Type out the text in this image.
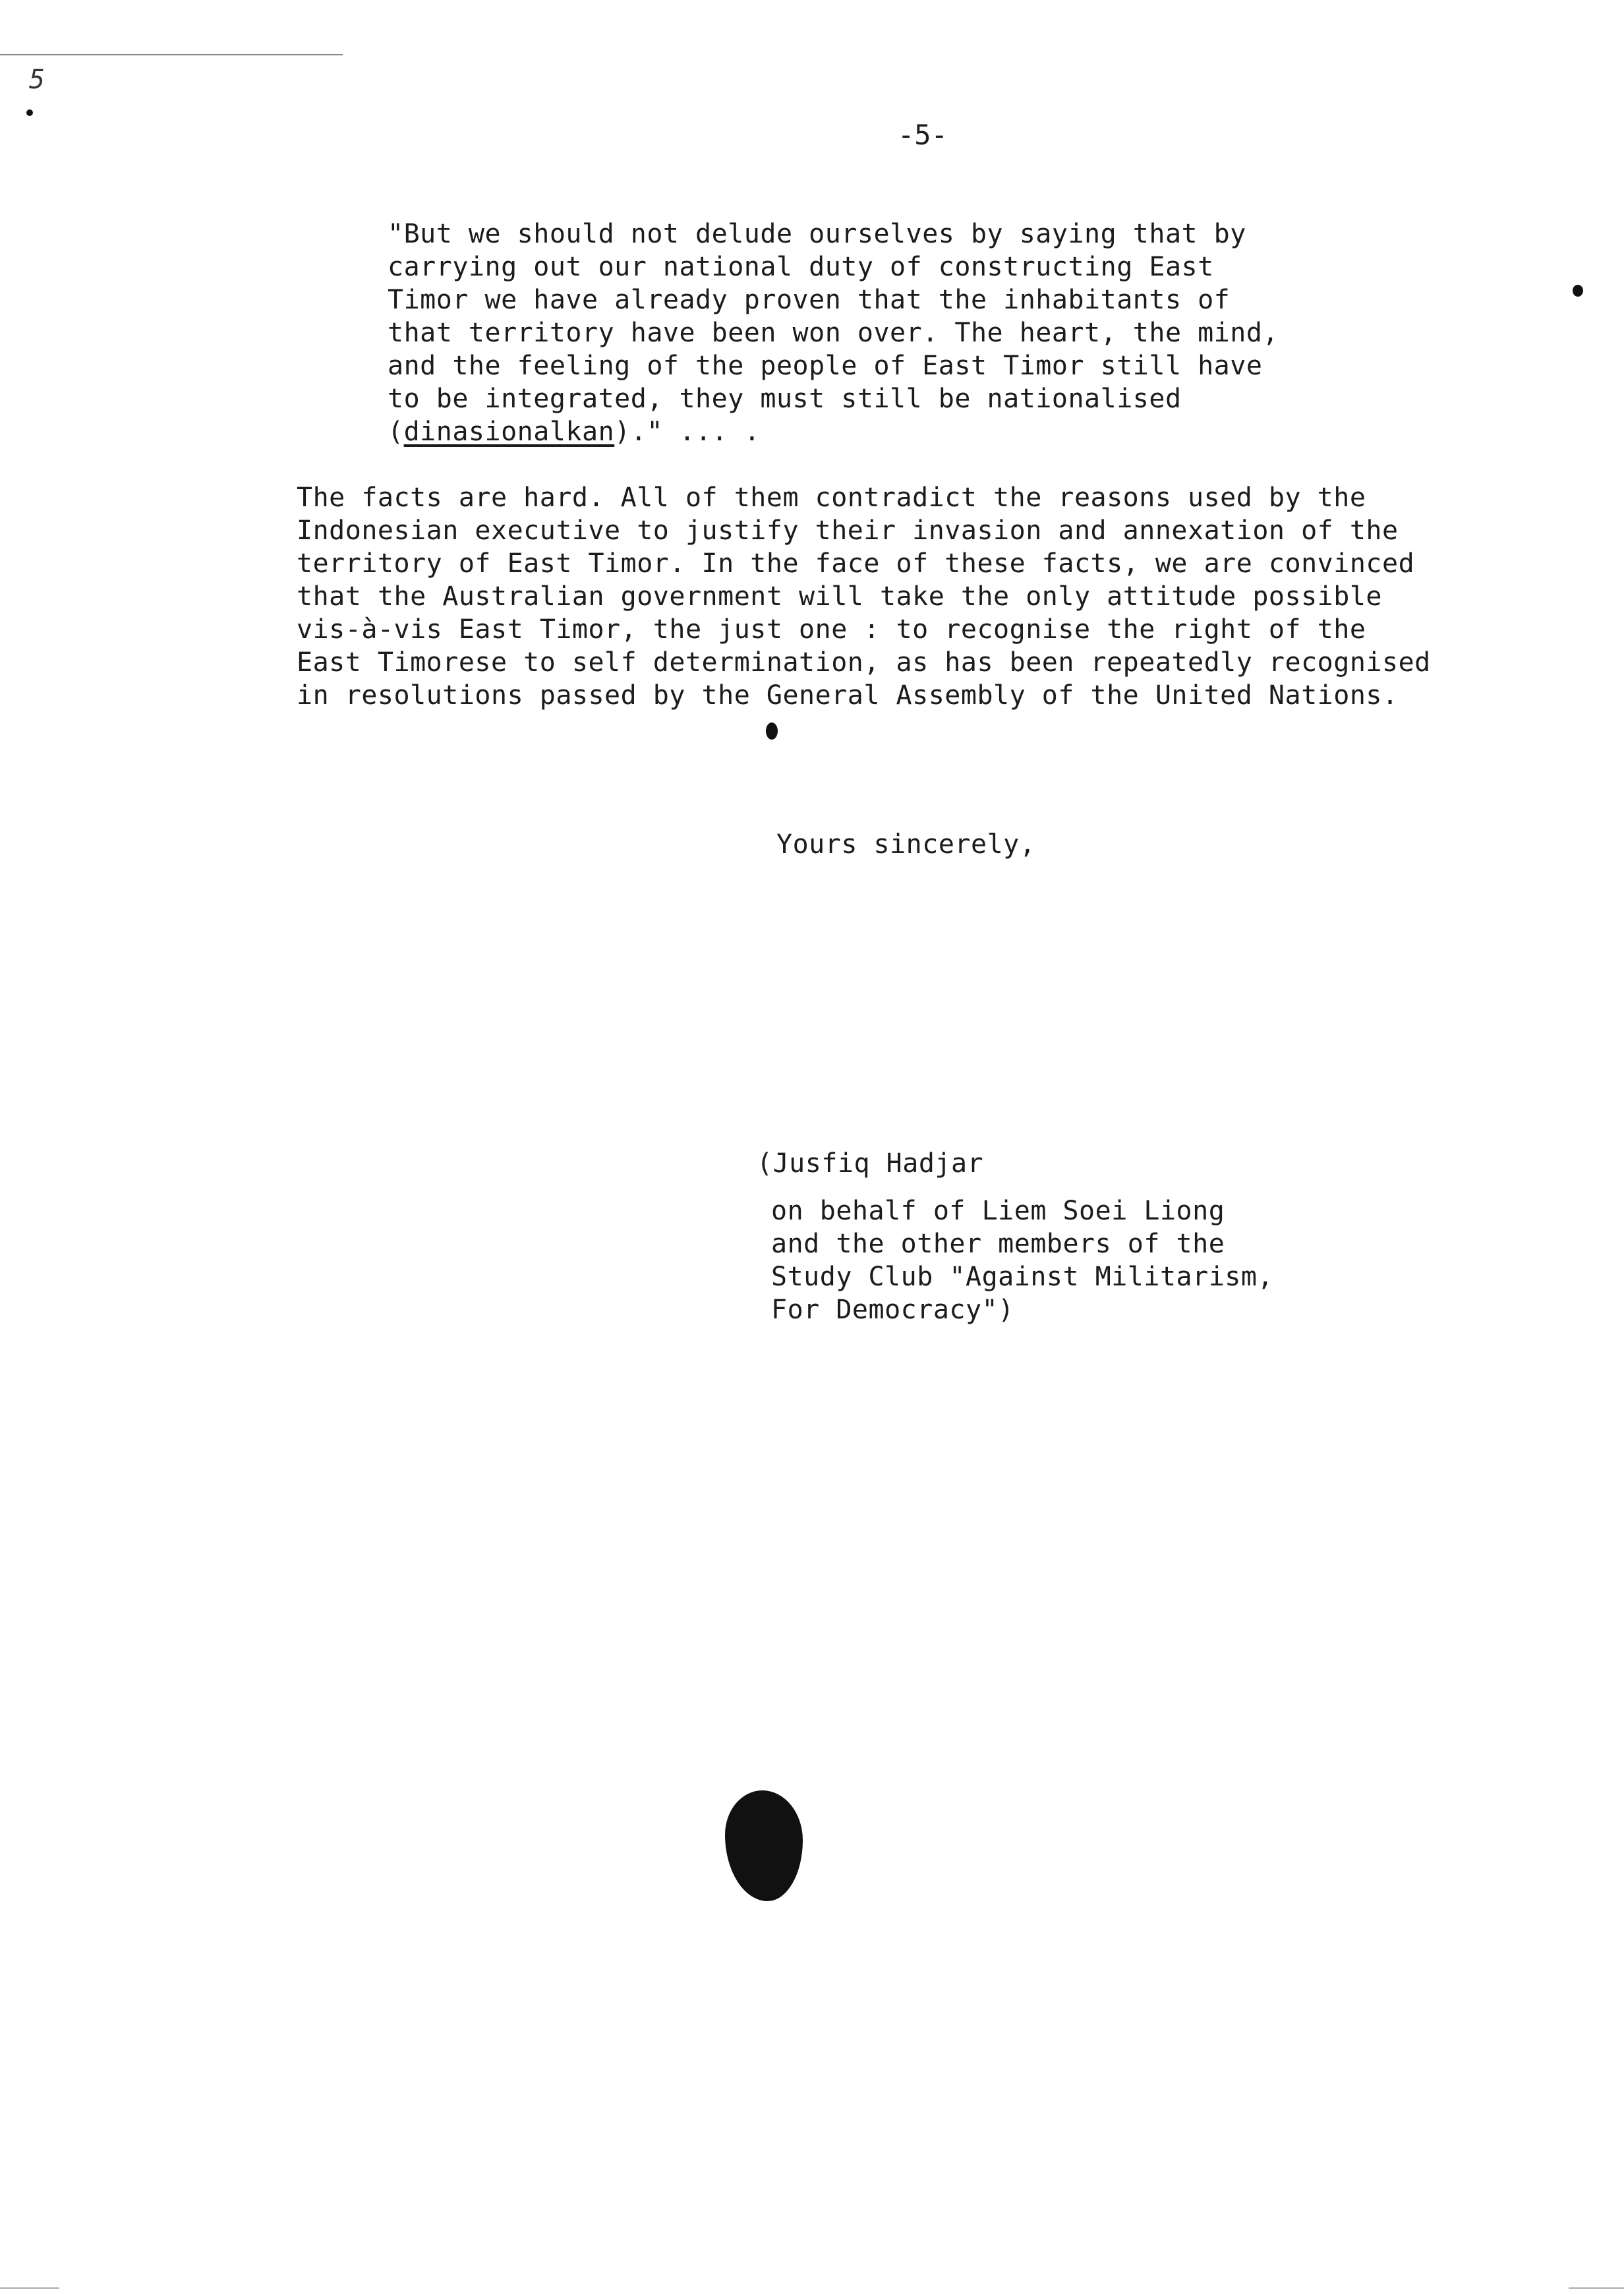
5
-5-
"But we should not delude ourselves by saying that by
carrying out our national duty of constructing East
Timor we have already proven that the inhabitants of
that territory have been won over. The heart, the mind,
and the feeling of the people of East Timor still have
to be integrated, they must still be nationalised
(dinasionalkan)." ... .
The facts are hard. All of them contradict the reasons used by the
Indonesian executive to justify their invasion and annexation of the
territory of East Timor. In the face of these facts, we are convinced
that the Australian government will take the only attitude possible
vis-à-vis East Timor, the just one : to recognise the right of the
East Timorese to self determination, as has been repeatedly recognised
in resolutions passed by the General Assembly of the United Nations.
Yours sincerely,
(Jusfiq Hadjar
on behalf of Liem Soei Liong
and the other members of the
Study Club "Against Militarism,
For Democracy")
